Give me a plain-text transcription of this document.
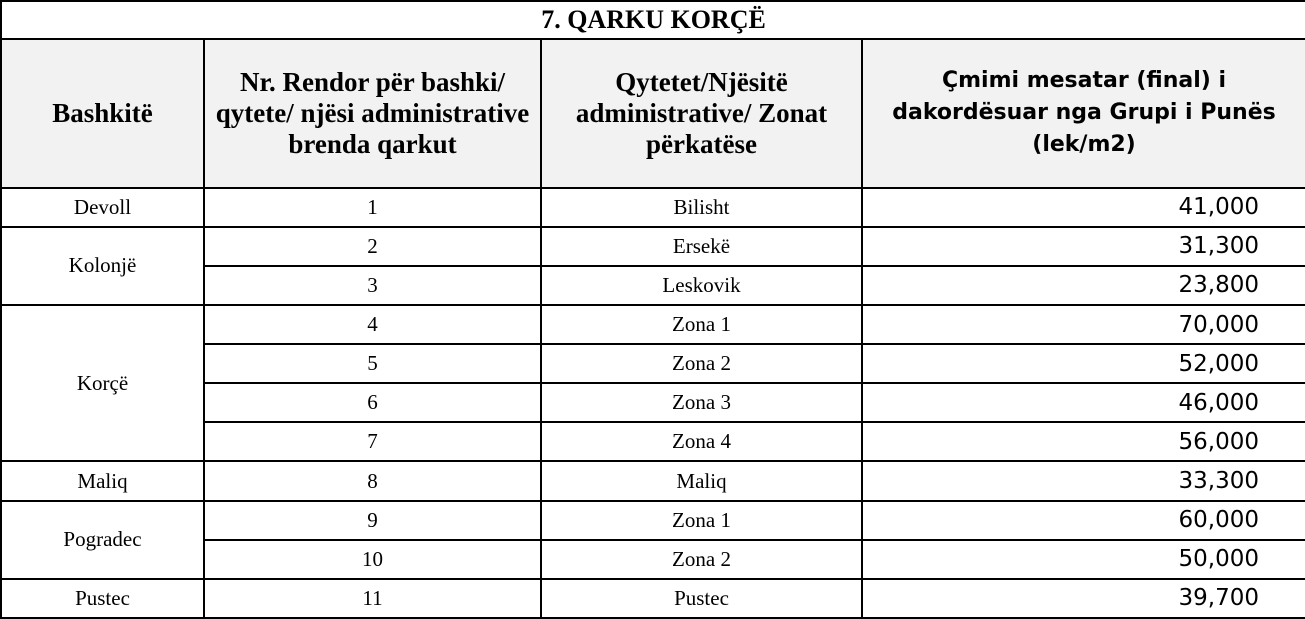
7. QARKU KORÇË			
Bashkitë	Nr. Rendor për bashki/ qytete/ njësi administrative brenda qarkut	Qytetet/Njësitë administrative/ Zonat përkatëse	Çmimi mesatar (final) i dakordësuar nga Grupi i Punës (lek/m2)
Devoll	1	Bilisht	41,000
Kolonjë	2	Ersekë	31,300
	3	Leskovik	23,800
Korçë	4	Zona 1	70,000
	5	Zona 2	52,000
	6	Zona 3	46,000
	7	Zona 4	56,000
Maliq	8	Maliq	33,300
Pogradec	9	Zona 1	60,000
	10	Zona 2	50,000
Pustec	11	Pustec	39,700
